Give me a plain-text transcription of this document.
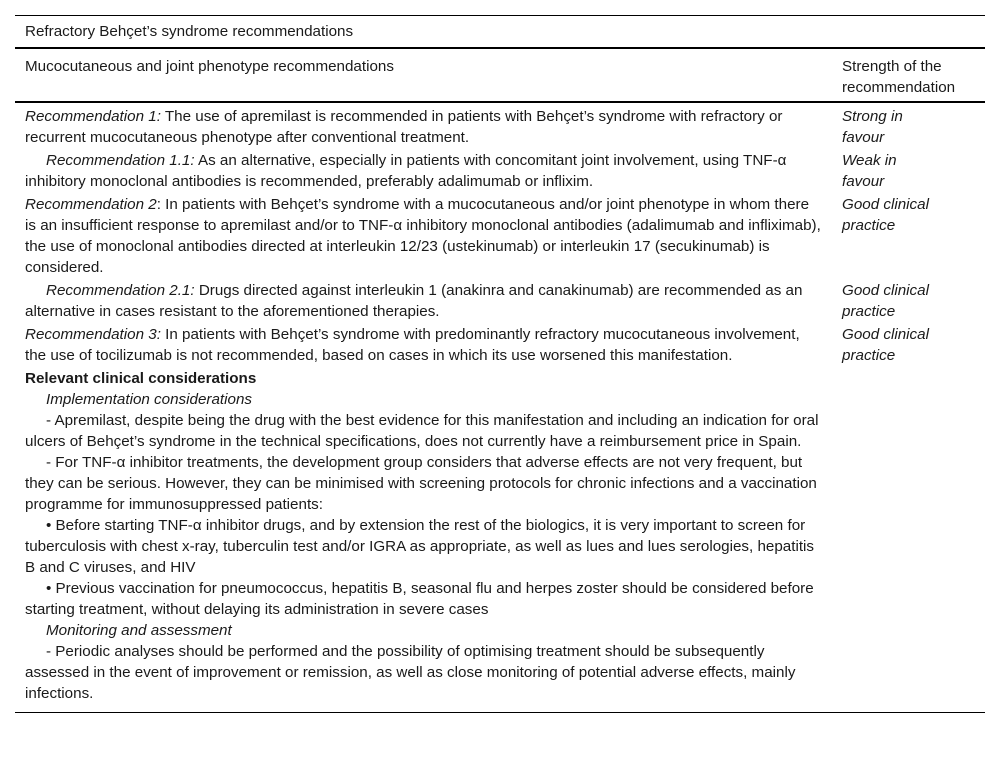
Refractory Behçet’s syndrome recommendations
Mucocutaneous and joint phenotype recommendations	Strength of the
recommendation
Recommendation 1: The use of apremilast is recommended in patients with Behçet’s syndrome with refractory or recurrent mucocutaneous phenotype after conventional treatment.
Strong in
favour
Recommendation 1.1: As an alternative, especially in patients with concomitant joint involvement, using TNF-α inhibitory monoclonal antibodies is recommended, preferably adalimumab or inflixim.
Weak in
favour
Recommendation 2: In patients with Behçet’s syndrome with a mucocutaneous and/or joint phenotype in whom there is an insufficient response to apremilast and/or to TNF-α inhibitory monoclonal antibodies (adalimumab and infliximab), the use of monoclonal antibodies directed at interleukin 12/23 (ustekinumab) or interleukin 17 (secukinumab) is considered.
Good clinical
practice
Recommendation 2.1: Drugs directed against interleukin 1 (anakinra and canakinumab) are recommended as an alternative in cases resistant to the aforementioned therapies.
Good clinical
practice
Recommendation 3: In patients with Behçet’s syndrome with predominantly refractory mucocutaneous involvement, the use of tocilizumab is not recommended, based on cases in which its use worsened this manifestation.
Good clinical
practice
Relevant clinical considerations
Implementation considerations
- Apremilast, despite being the drug with the best evidence for this manifestation and including an indication for oral ulcers of Behçet’s syndrome in the technical specifications, does not currently have a reimbursement price in Spain.
- For TNF-α inhibitor treatments, the development group considers that adverse effects are not very frequent, but they can be serious. However, they can be minimised with screening protocols for chronic infections and a vaccination programme for immunosuppressed patients:
• Before starting TNF-α inhibitor drugs, and by extension the rest of the biologics, it is very important to screen for tuberculosis with chest x-ray, tuberculin test and/or IGRA as appropriate, as well as lues and lues serologies, hepatitis B and C viruses, and HIV
• Previous vaccination for pneumococcus, hepatitis B, seasonal flu and herpes zoster should be considered before starting treatment, without delaying its administration in severe cases
Monitoring and assessment
- Periodic analyses should be performed and the possibility of optimising treatment should be subsequently assessed in the event of improvement or remission, as well as close monitoring of potential adverse effects, mainly infections.
